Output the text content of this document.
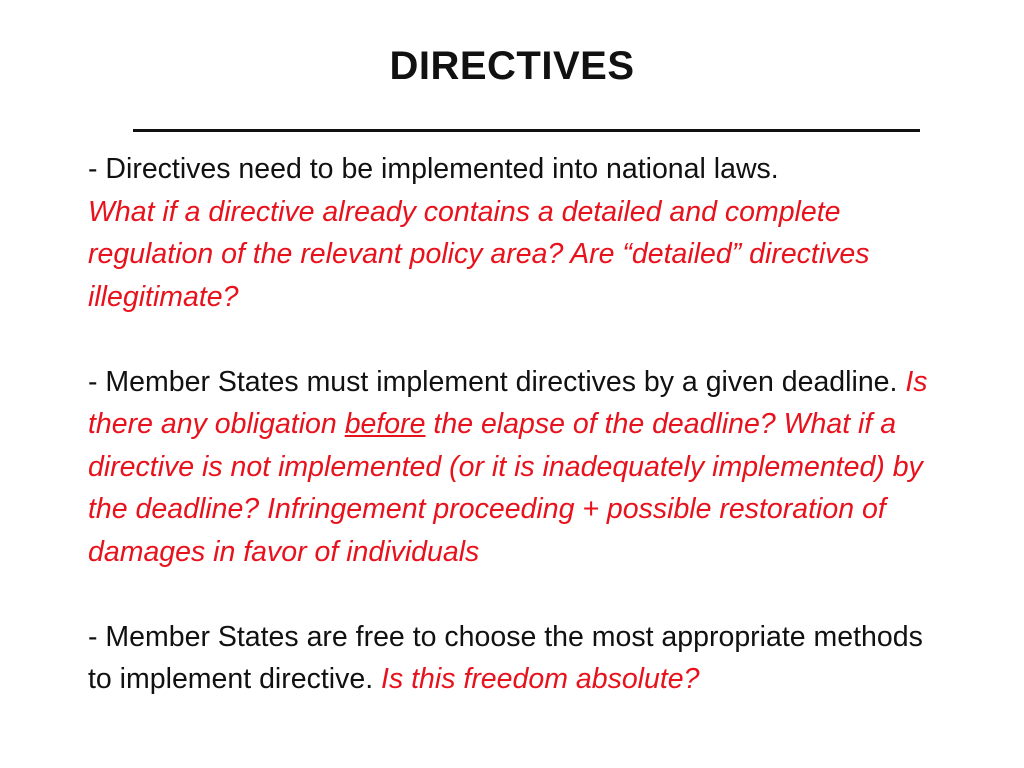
DIRECTIVES

- Directives need to be implemented into national laws.
What if a directive already contains a detailed and complete regulation of the relevant policy area? Are “detailed” directives illegitimate?

- Member States must implement directives by a given deadline. Is there any obligation before the elapse of the deadline? What if a directive is not implemented (or it is inadequately implemented) by the deadline? Infringement proceeding + possible restoration of damages in favor of individuals

- Member States are free to choose the most appropriate methods to implement directive. Is this freedom absolute?
